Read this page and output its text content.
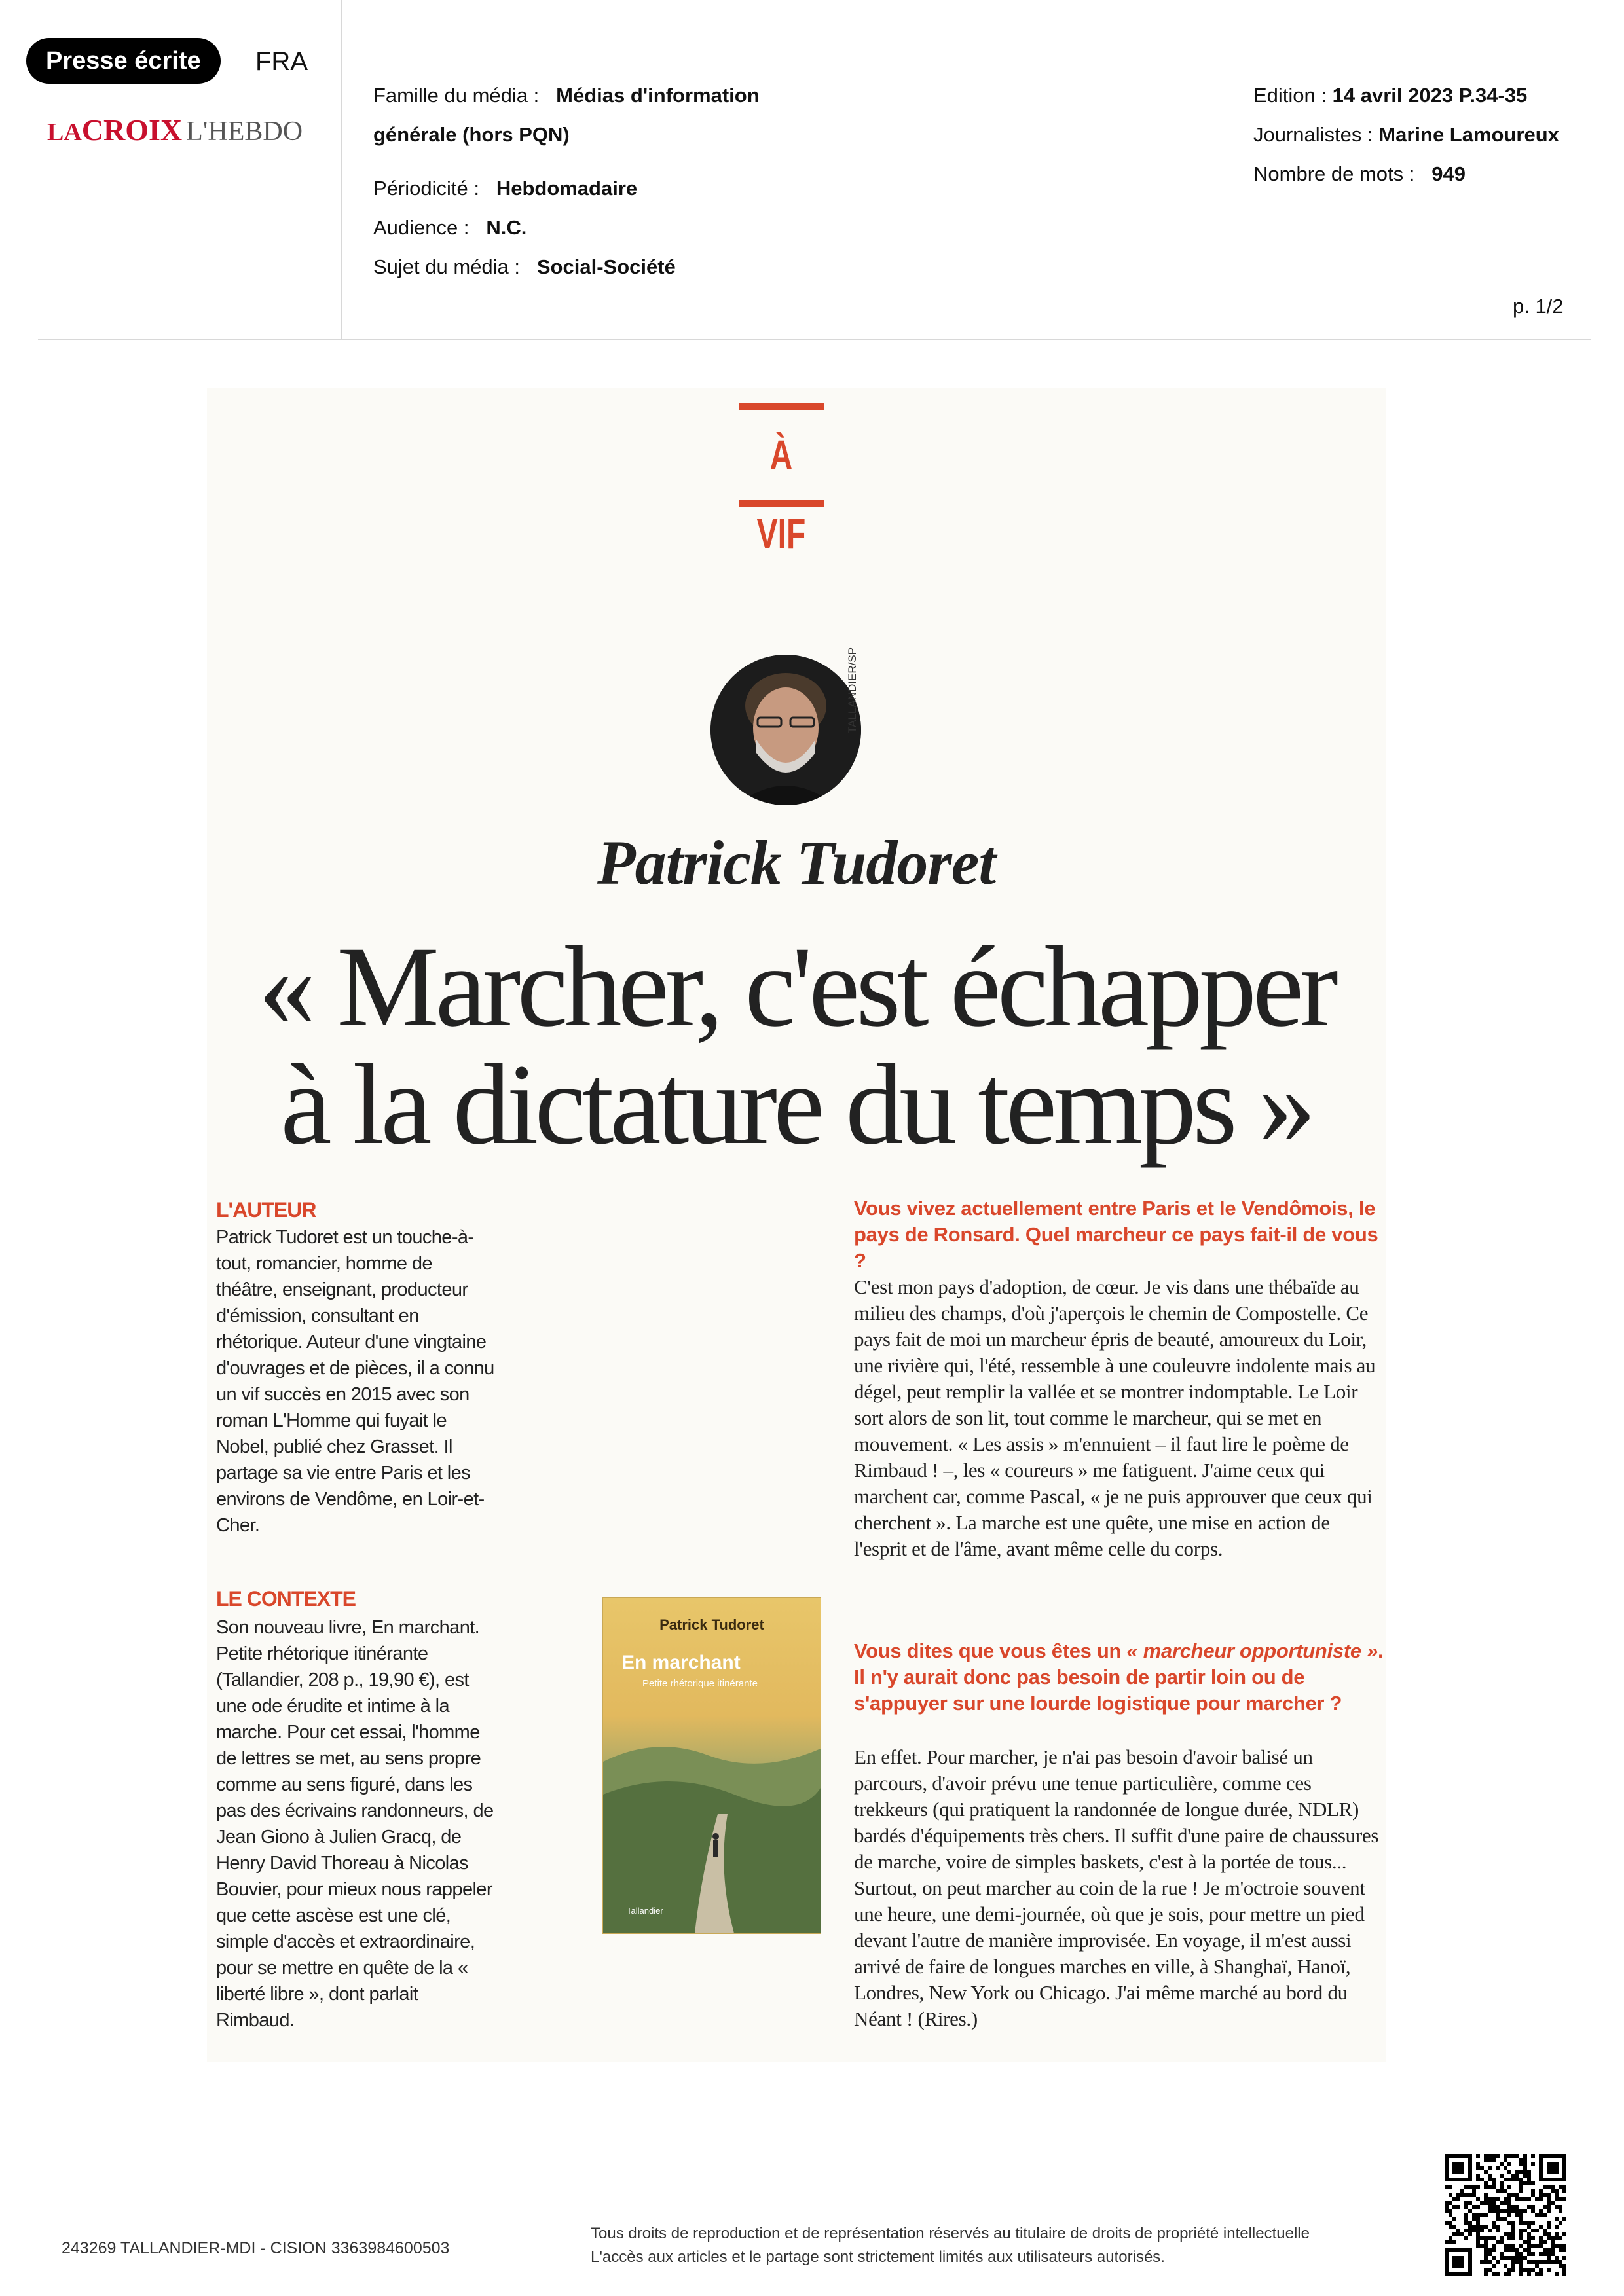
Presse écrite	FRA
LACROIX L'HEBDO
Famille du média : Médias d'information
générale (hors PQN)
Périodicité : Hebdomadaire
Audience : N.C.
Sujet du média : Social-Société
Edition : 14 avril 2023 P.34-35
Journalistes : Marine Lamoureux
Nombre de mots : 949
p. 1/2
À VIF
TALLANDIER/SP
Patrick Tudoret
« Marcher, c'est échapper
à la dictature du temps »
L'AUTEUR
Patrick Tudoret est un touche-à-tout, romancier, homme de théâtre, enseignant, producteur d'émission, consultant en rhétorique. Auteur d'une vingtaine d'ouvrages et de pièces, il a connu un vif succès en 2015 avec son roman L'Homme qui fuyait le Nobel, publié chez Grasset. Il partage sa vie entre Paris et les environs de Vendôme, en Loir-et-Cher.
LE CONTEXTE
Son nouveau livre, En marchant. Petite rhétorique itinérante (Tallandier, 208 p., 19,90 €), est une ode érudite et intime à la marche. Pour cet essai, l'homme de lettres se met, au sens propre comme au sens figuré, dans les pas des écrivains randonneurs, de Jean Giono à Julien Gracq, de Henry David Thoreau à Nicolas Bouvier, pour mieux nous rappeler que cette ascèse est une clé, simple d'accès et extraordinaire, pour se mettre en quête de la « liberté libre », dont parlait Rimbaud.
Patrick Tudoret
En marchant
Petite rhétorique itinérante
Tallandier
Vous vivez actuellement entre Paris et le Vendômois, le pays de Ronsard. Quel marcheur ce pays fait-il de vous ?
C'est mon pays d'adoption, de cœur. Je vis dans une thébaïde au milieu des champs, d'où j'aperçois le chemin de Compostelle. Ce pays fait de moi un marcheur épris de beauté, amoureux du Loir, une rivière qui, l'été, ressemble à une couleuvre indolente mais au dégel, peut remplir la vallée et se montrer indomptable. Le Loir sort alors de son lit, tout comme le marcheur, qui se met en mouvement. « Les assis » m'ennuient – il faut lire le poème de Rimbaud ! –, les « coureurs » me fatiguent. J'aime ceux qui marchent car, comme Pascal, « je ne puis approuver que ceux qui cherchent ». La marche est une quête, une mise en action de l'esprit et de l'âme, avant même celle du corps.
Vous dites que vous êtes un « marcheur opportuniste ». Il n'y aurait donc pas besoin de partir loin ou de s'appuyer sur une lourde logistique pour marcher ?
En effet. Pour marcher, je n'ai pas besoin d'avoir balisé un parcours, d'avoir prévu une tenue particulière, comme ces trekkeurs (qui pratiquent la randonnée de longue durée, NDLR) bardés d'équipements très chers. Il suffit d'une paire de chaussures de marche, voire de simples baskets, c'est à la portée de tous...
Surtout, on peut marcher au coin de la rue ! Je m'octroie souvent une heure, une demi-journée, où que je sois, pour mettre un pied devant l'autre de manière improvisée. En voyage, il m'est aussi arrivé de faire de longues marches en ville, à Shanghaï, Hanoï, Londres, New York ou Chicago. J'ai même marché au bord du Néant ! (Rires.)
243269 TALLANDIER-MDI - CISION 3363984600503
Tous droits de reproduction et de représentation réservés au titulaire de droits de propriété intellectuelle
L'accès aux articles et le partage sont strictement limités aux utilisateurs autorisés.
